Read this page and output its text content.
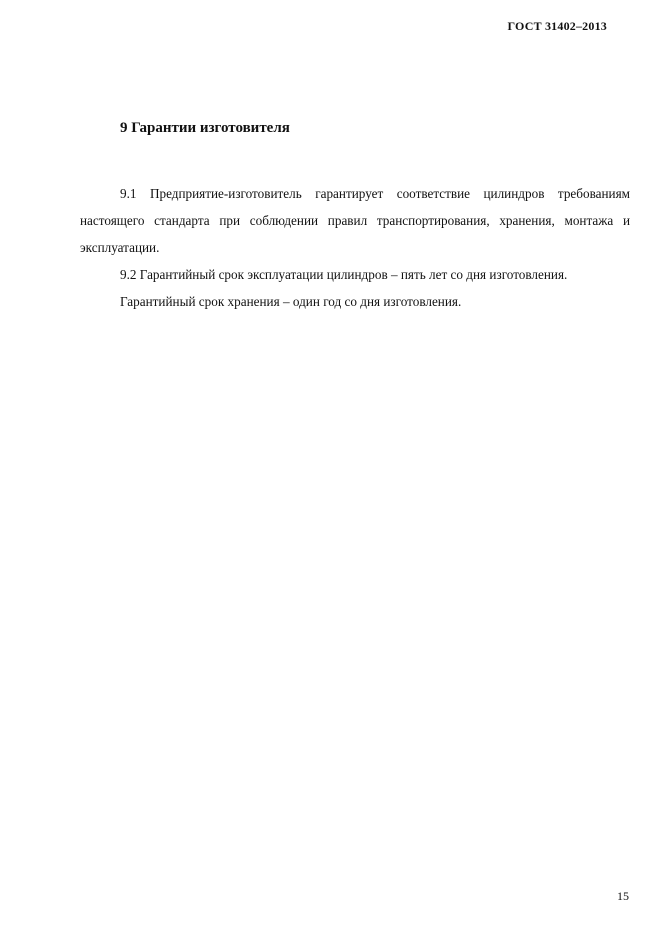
ГОСТ 31402–2013
9 Гарантии изготовителя

9.1 Предприятие-изготовитель гарантирует соответствие цилиндров требованиям настоящего стандарта при соблюдении правил транспортирования, хранения, монтажа и эксплуатации.

9.2 Гарантийный срок эксплуатации цилиндров – пять лет со дня изготовления.

Гарантийный срок хранения – один год со дня изготовления.

15
